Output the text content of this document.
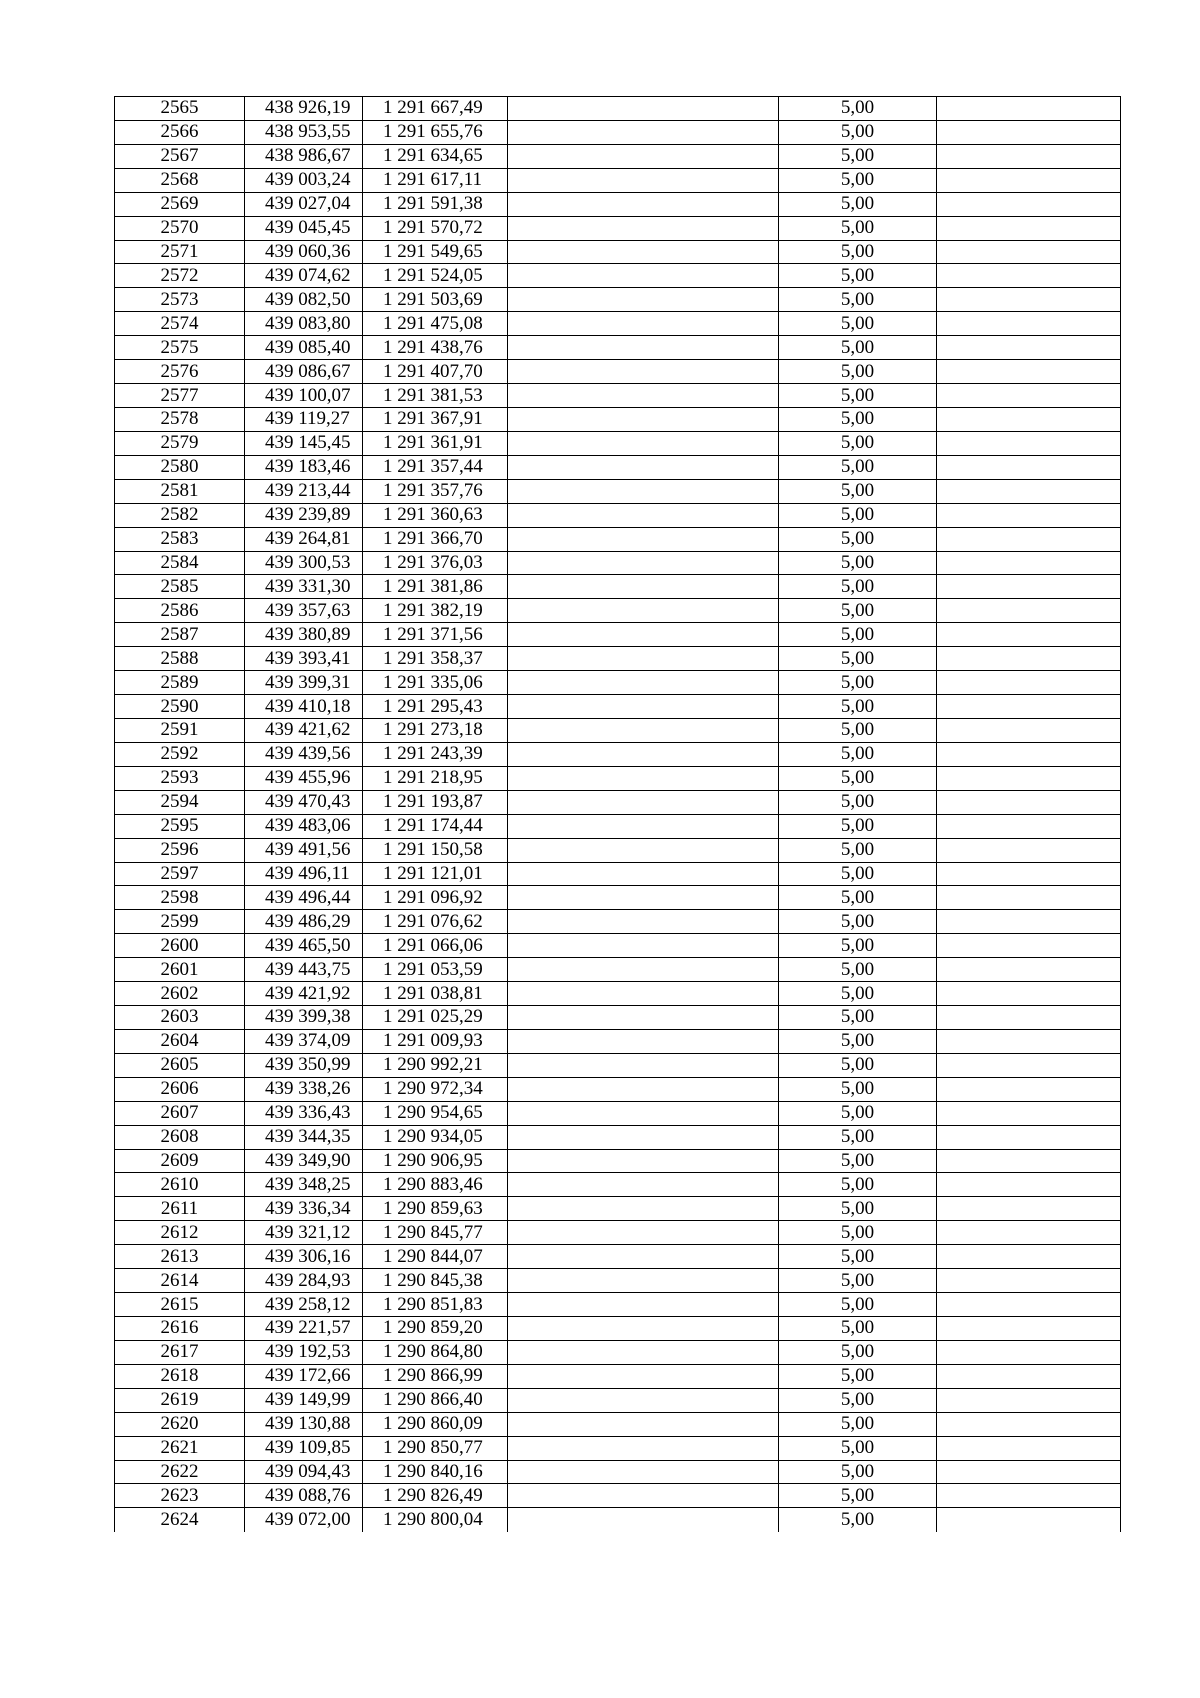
2565	438 926,19	1 291 667,49		5,00	
2566	438 953,55	1 291 655,76		5,00	
2567	438 986,67	1 291 634,65		5,00	
2568	439 003,24	1 291 617,11		5,00	
2569	439 027,04	1 291 591,38		5,00	
2570	439 045,45	1 291 570,72		5,00	
2571	439 060,36	1 291 549,65		5,00	
2572	439 074,62	1 291 524,05		5,00	
2573	439 082,50	1 291 503,69		5,00	
2574	439 083,80	1 291 475,08		5,00	
2575	439 085,40	1 291 438,76		5,00	
2576	439 086,67	1 291 407,70		5,00	
2577	439 100,07	1 291 381,53		5,00	
2578	439 119,27	1 291 367,91		5,00	
2579	439 145,45	1 291 361,91		5,00	
2580	439 183,46	1 291 357,44		5,00	
2581	439 213,44	1 291 357,76		5,00	
2582	439 239,89	1 291 360,63		5,00	
2583	439 264,81	1 291 366,70		5,00	
2584	439 300,53	1 291 376,03		5,00	
2585	439 331,30	1 291 381,86		5,00	
2586	439 357,63	1 291 382,19		5,00	
2587	439 380,89	1 291 371,56		5,00	
2588	439 393,41	1 291 358,37		5,00	
2589	439 399,31	1 291 335,06		5,00	
2590	439 410,18	1 291 295,43		5,00	
2591	439 421,62	1 291 273,18		5,00	
2592	439 439,56	1 291 243,39		5,00	
2593	439 455,96	1 291 218,95		5,00	
2594	439 470,43	1 291 193,87		5,00	
2595	439 483,06	1 291 174,44		5,00	
2596	439 491,56	1 291 150,58		5,00	
2597	439 496,11	1 291 121,01		5,00	
2598	439 496,44	1 291 096,92		5,00	
2599	439 486,29	1 291 076,62		5,00	
2600	439 465,50	1 291 066,06		5,00	
2601	439 443,75	1 291 053,59		5,00	
2602	439 421,92	1 291 038,81		5,00	
2603	439 399,38	1 291 025,29		5,00	
2604	439 374,09	1 291 009,93		5,00	
2605	439 350,99	1 290 992,21		5,00	
2606	439 338,26	1 290 972,34		5,00	
2607	439 336,43	1 290 954,65		5,00	
2608	439 344,35	1 290 934,05		5,00	
2609	439 349,90	1 290 906,95		5,00	
2610	439 348,25	1 290 883,46		5,00	
2611	439 336,34	1 290 859,63		5,00	
2612	439 321,12	1 290 845,77		5,00	
2613	439 306,16	1 290 844,07		5,00	
2614	439 284,93	1 290 845,38		5,00	
2615	439 258,12	1 290 851,83		5,00	
2616	439 221,57	1 290 859,20		5,00	
2617	439 192,53	1 290 864,80		5,00	
2618	439 172,66	1 290 866,99		5,00	
2619	439 149,99	1 290 866,40		5,00	
2620	439 130,88	1 290 860,09		5,00	
2621	439 109,85	1 290 850,77		5,00	
2622	439 094,43	1 290 840,16		5,00	
2623	439 088,76	1 290 826,49		5,00	
2624	439 072,00	1 290 800,04		5,00	
